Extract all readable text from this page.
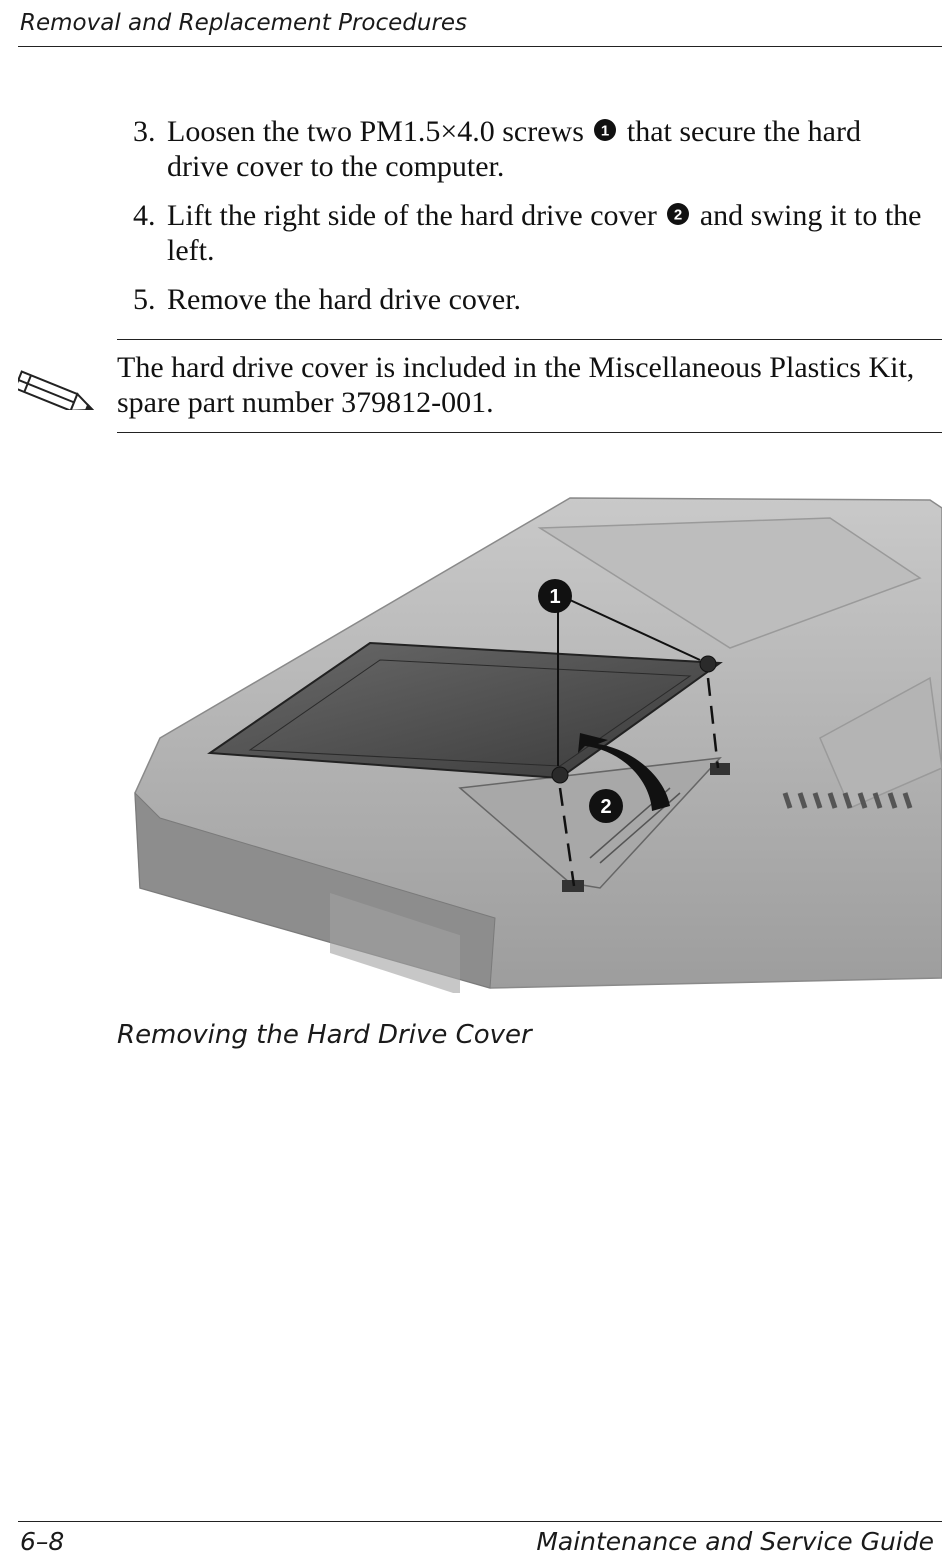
Removal and Replacement Procedures
3. Loosen the two PM1.5×4.0 screws 1 that secure the hard drive cover to the computer.
4. Lift the right side of the hard drive cover 2 and swing it to the left.
5. Remove the hard drive cover.
The hard drive cover is included in the Miscellaneous Plastics Kit, spare part number 379812-001.
1
2
Removing the Hard Drive Cover
6–8	Maintenance and Service Guide
